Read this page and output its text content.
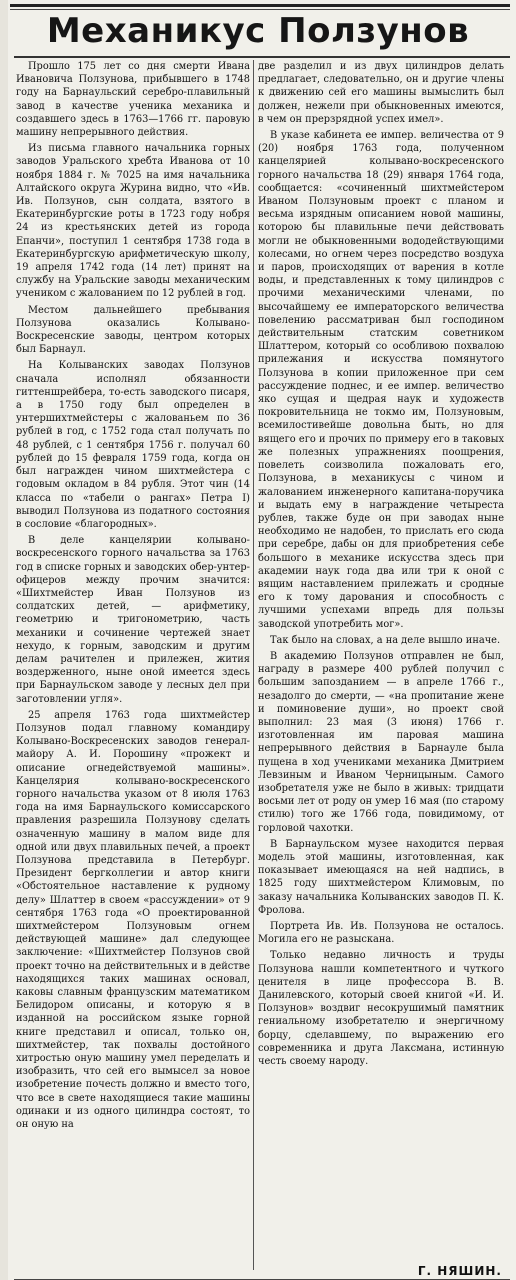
Механикус Ползунов

Прошло 175 лет со дня смерти Ивана Ивановича Ползунова, прибывшего в 1748 году на Барнаульский серебро-плавильный завод в качестве ученика механика и создавшего здесь в 1763—1766 гг. паровую машину непрерывного действия.

Из письма главного начальника горных заводов Уральского хребта Иванова от 10 ноября 1884 г. № 7025 на имя начальника Алтайского округа Журина видно, что «Ив. Ив. Ползунов, сын солдата, взятого в Екатеринбургские роты в 1723 году нобря 24 из крестьянских детей из города Епанчи», поступил 1 сентября 1738 года в Екатеринбургскую арифметическую школу, 19 апреля 1742 года (14 лет) принят на службу на Уральские заводы механическим учеником с жалованием по 12 рублей в год.

Местом дальнейшего пребывания Ползунова оказались Колывано-Воскресенские заводы, центром которых был Барнаул.

На Колыванских заводах Ползунов сначала исполнял обязанности гиттеншрейбера, то-есть заводского писаря, а в 1750 году был определен в унтершихтмейстеры с жалованьем по 36 рублей в год, с 1752 года стал получать по 48 рублей, с 1 сентября 1756 г. получал 60 рублей до 15 февраля 1759 года, когда он был награжден чином шихтмейстера с годовым окладом в 84 рубля. Этот чин (14 класса по «табели о рангах» Петра I) выводил Ползунова из податного состояния в сословие «благородных».

В деле канцелярии колывано-воскресенского горного начальства за 1763 год в списке горных и заводских обер-унтер-офицеров между прочим значится: «Шихтмейстер Иван Ползунов из солдатских детей, — арифметику, геометрию и тригонометрию, часть механики и сочинение чертежей знает нехудо, к горным, заводским и другим делам рачителен и прилежен, жития воздерженного, ныне оной имеется здесь при Барнаульском заводе у лесных дел при заготовлении угля».

25 апреля 1763 года шихтмейстер Ползунов подал главному командиру Колывано-Воскресенских заводов генерал-майору А. И. Порошину «прожект и описание огнедействуемой машины». Канцелярия колывано-воскресенского горного начальства указом от 8 июля 1763 года на имя Барнаульского комиссарского правления разрешила Ползунову сделать означенную машину в малом виде для одной или двух плавильных печей, а проект Ползунова представила в Петербург. Президент бергколлегии и автор книги «Обстоятельное наставление к рудному делу» Шлаттер в своем «рассуждении» от 9 сентября 1763 года «О проектированной шихтмейстером Ползуновым огнем действующей машине» дал следующее заключение: «Шихтмейстер Ползунов свой проект точно на действительных и в действе находящихся таких машинах основал, каковы славным французским математиком Белидором описаны, и которую я в изданной на российском языке горной книге представил и описал, только он, шихтмейстер, так похвалы достойного хитростью оную машину умел переделать и изобразить, что сей его вымысел за новое изобретение почесть должно и вместо того, что все в свете находящиеся такие машины одинаки и из одного цилиндра состоят, то он оную на

две разделил и из двух цилиндров делать предлагает, следовательно, он и другие члены к движению сей его машины вымыслить был должен, нежели при обыкновенных имеются, в чем он прерзрядной успех имел».

В указе кабинета ее импер. величества от 9 (20) ноября 1763 года, полученном канцелярией колывано-воскресенского горного начальства 18 (29) января 1764 года, сообщается: «сочиненный шихтмейстером Иваном Ползуновым проект с планом и весьма изрядным описанием новой машины, которою бы плавильные печи действовать могли не обыкновенными вододействующими колесами, но огнем через посредство воздуха и паров, происходящих от варения в котле воды, и представленных к тому цилиндров с прочими механическими членами, по высочайшему ее императорского величества повелению рассматриван был господином действительным статским советником Шлаттером, который со особливою похвалою прилежания и искусства помянутого Ползунова в копии приложенное при сем рассуждение поднес, и ее импер. величество яко сущая и щедрая наук и художеств покровительница не токмо им, Ползуновым, всемилостивейше довольна быть, но для вящего его и прочих по примеру его в таковых же полезных упражнениях поощрения, повелеть соизволила пожаловать его, Ползунова, в механикусы с чином и жалованием инженерного капитана-поручика и выдать ему в награждение четыреста рублев, также буде он при заводах ныне необходимо не надобен, то прислать его сюда при серебре, дабы он для приобретения себе большого в механике искусства здесь при академии наук года два или три к оной с вящим наставлением прилежать и сродные его к тому дарования и способность с лучшими успехами впредь для пользы заводской употребить мог».

Так было на словах, а на деле вышло иначе.

В академию Ползунов отправлен не был, награду в размере 400 рублей получил с большим запозданием — в апреле 1766 г., незадолго до смерти, — «на пропитание жене и поминовение души», но проект свой выполнил: 23 мая (3 июня) 1766 г. изготовленная им паровая машина непрерывного действия в Барнауле была пущена в ход учениками механика Дмитрием Левзиным и Иваном Черницыным. Самого изобретателя уже не было в живых: тридцати восьми лет от роду он умер 16 мая (по старому стилю) того же 1766 года, повидимому, от горловой чахотки.

В Барнаульском музее находится первая модель этой машины, изготовленная, как показывает имеющаяся на ней надпись, в 1825 году шихтмейстером Климовым, по заказу начальника Колыванских заводов П. К. Фролова.

Портрета Ив. Ив. Ползунова не осталось. Могила его не разыскана.

Только недавно личность и труды Ползунова нашли компетентного и чуткого ценителя в лице профессора В. В. Данилевского, который своей книгой «И. И. Ползунов» воздвиг несокрушимый памятник гениальному изобретателю и энергичному борцу, сделавшему, по выражению его современника и друга Лаксмана, истинную честь своему народу.

Г. НЯШИН.
